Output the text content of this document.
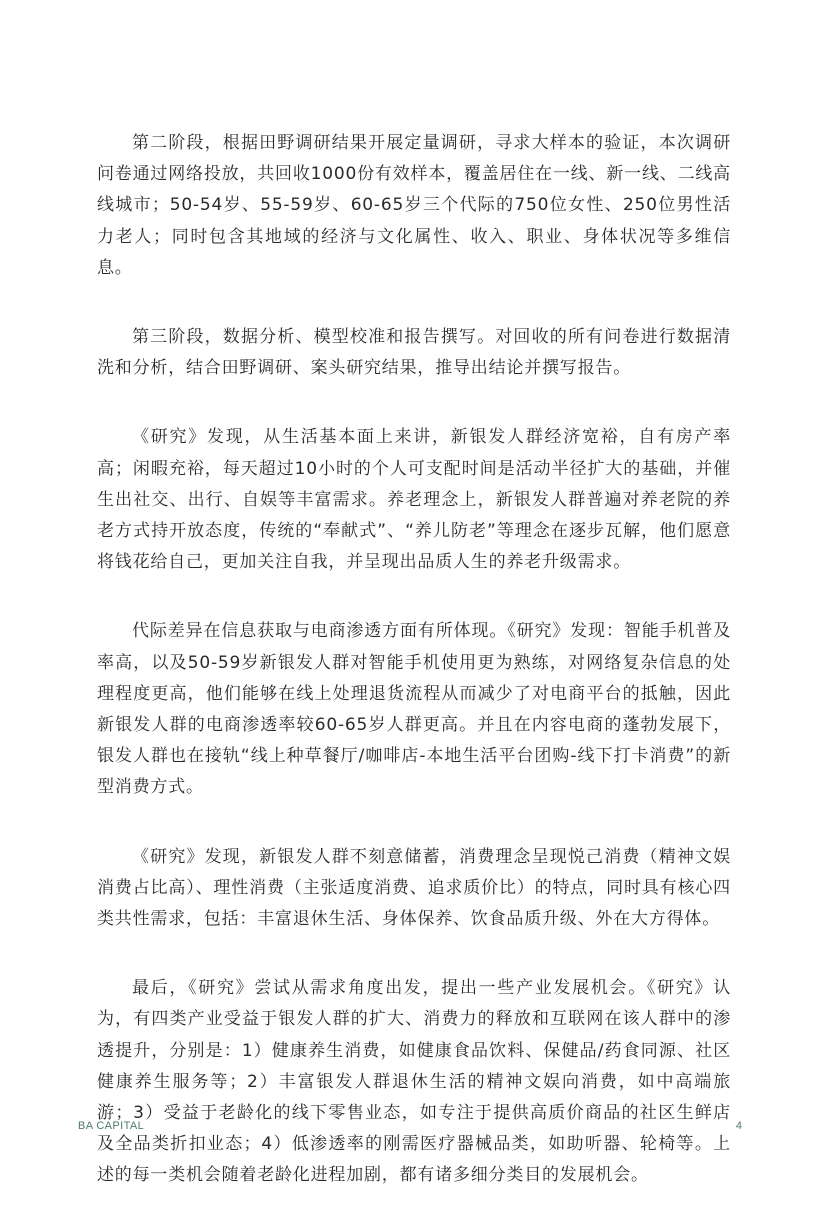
第二阶段，根据田野调研结果开展定量调研，寻求大样本的验证，本次调研问卷通过网络投放，共回收1000份有效样本，覆盖居住在一线、新一线、二线高线城市；50-54岁、55-59岁、60-65岁三个代际的750位女性、250位男性活力老人；同时包含其地域的经济与文化属性、收入、职业、身体状况等多维信息。

第三阶段，数据分析、模型校准和报告撰写。对回收的所有问卷进行数据清洗和分析，结合田野调研、案头研究结果，推导出结论并撰写报告。

《研究》发现，从生活基本面上来讲，新银发人群经济宽裕，自有房产率高；闲暇充裕，每天超过10小时的个人可支配时间是活动半径扩大的基础，并催生出社交、出行、自娱等丰富需求。养老理念上，新银发人群普遍对养老院的养老方式持开放态度，传统的“奉献式”、“养儿防老”等理念在逐步瓦解，他们愿意将钱花给自己，更加关注自我，并呈现出品质人生的养老升级需求。

代际差异在信息获取与电商渗透方面有所体现。《研究》发现：智能手机普及率高，以及50-59岁新银发人群对智能手机使用更为熟练，对网络复杂信息的处理程度更高，他们能够在线上处理退货流程从而减少了对电商平台的抵触，因此新银发人群的电商渗透率较60-65岁人群更高。并且在内容电商的蓬勃发展下，银发人群也在接轨“线上种草餐厅/咖啡店-本地生活平台团购-线下打卡消费”的新型消费方式。

《研究》发现，新银发人群不刻意储蓄，消费理念呈现悦己消费（精神文娱消费占比高）、理性消费（主张适度消费、追求质价比）的特点，同时具有核心四类共性需求，包括：丰富退休生活、身体保养、饮食品质升级、外在大方得体。

最后，《研究》尝试从需求角度出发，提出一些产业发展机会。《研究》认为，有四类产业受益于银发人群的扩大、消费力的释放和互联网在该人群中的渗透提升，分别是：1）健康养生消费，如健康食品饮料、保健品/药食同源、社区健康养生服务等；2）丰富银发人群退休生活的精神文娱向消费，如中高端旅游；3）受益于老龄化的线下零售业态，如专注于提供高质价商品的社区生鲜店及全品类折扣业态；4）低渗透率的刚需医疗器械品类，如助听器、轮椅等。上述的每一类机会随着老龄化进程加剧，都有诸多细分类目的发展机会。

BA CAPITAL	4
